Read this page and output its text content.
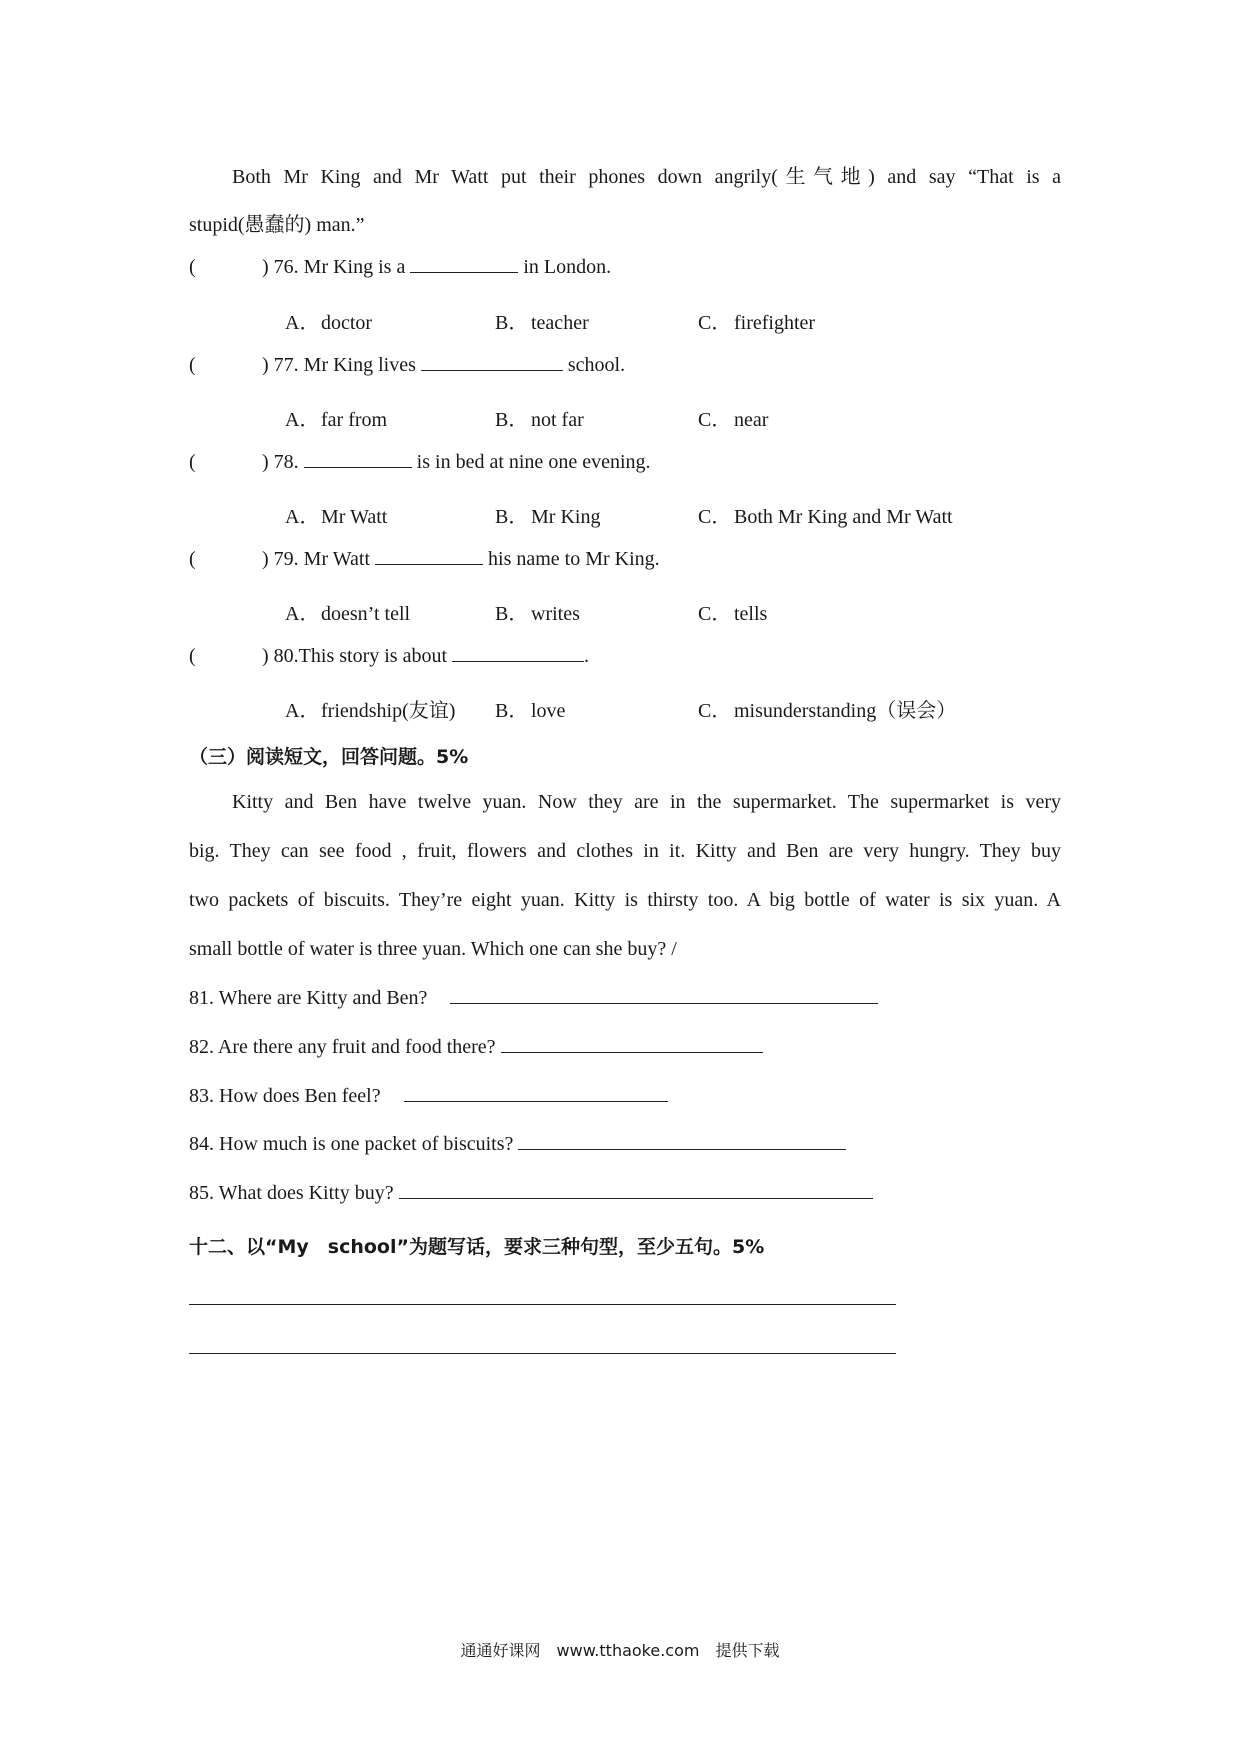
Both Mr King and Mr Watt put their phones down angrily(生气地) and say “That is a
stupid(愚蠢的) man.”
(	) 76. Mr King is a	in London.
A．doctor	B． teacher	C． firefighter
(	) 77. Mr King lives	school.
A．far from	B． not far	C． near
(	) 78.	is in bed at nine one evening.
A．Mr Watt	B． Mr King	C． Both Mr King and Mr Watt
(	) 79. Mr Watt	his name to Mr King.
A．doesn’t tell	B． writes	C． tells
(	) 80.This story is about	.
A．friendship(友谊) B． love	C． misunderstanding（误会）
（三）阅读短文，回答问题。5%
Kitty and Ben have twelve yuan. Now they are in the supermarket. The supermarket is very
big. They can see food , fruit, flowers and clothes in it. Kitty and Ben are very hungry. They buy
two packets of biscuits. They’re eight yuan. Kitty is thirsty too. A big bottle of water is six yuan. A
small bottle of water is three yuan. Which one can she buy? /
81. Where are Kitty and Ben?
82. Are there any fruit and food there?
83. How does Ben feel?
84. How much is one packet of biscuits?
85. What does Kitty buy?
十二、以“My　school”为题写话，要求三种句型，至少五句。5%
通通好课网　www.tthaoke.com　提供下载
